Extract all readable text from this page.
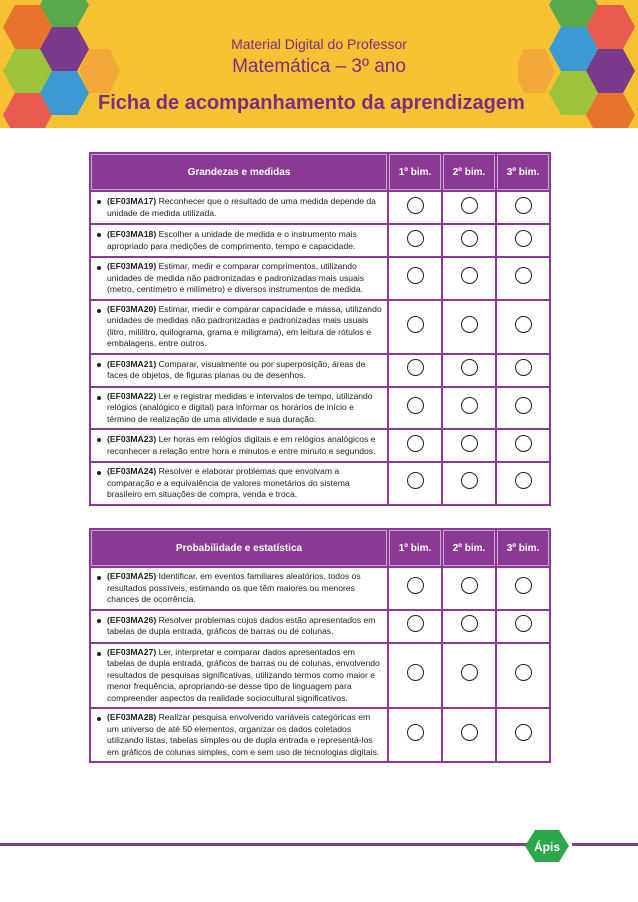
Material Digital do Professor
Matemática – 3º ano
Ficha de acompanhamento da aprendizagem
Grandezas e medidas	1º bim.	2º bim.	3º bim.
(EF03MA17) Reconhecer que o resultado de uma medida depende da unidade de medida utilizada.			
(EF03MA18) Escolher a unidade de medida e o instrumento mais apropriado para medições de comprimento, tempo e capacidade.			
(EF03MA19) Estimar, medir e comparar comprimentos, utilizando unidades de medida não padronizadas e padronizadas mais usuais (metro, centímetro e milímetro) e diversos instrumentos de medida.			
(EF03MA20) Estimar, medir e comparar capacidade e massa, utilizando unidades de medidas não padronizadas e padronizadas mais usuais (litro, mililitro, quilograma, grama e miligrama), em leitura de rótulos e embalagens, entre outros.			
(EF03MA21) Comparar, visualmente ou por superposição, áreas de faces de objetos, de figuras planas ou de desenhos.			
(EF03MA22) Ler e registrar medidas e intervalos de tempo, utilizando relógios (analógico e digital) para informar os horários de início e término de realização de uma atividade e sua duração.			
(EF03MA23) Ler horas em relógios digitais e em relógios analógicos e reconhecer a relação entre hora e minutos e entre minuto e segundos.			
(EF03MA24) Resolver e elaborar problemas que envolvam a comparação e a equivalência de valores monetários do sistema brasileiro em situações de compra, venda e troca.			
Probabilidade e estatística	1º bim.	2º bim.	3º bim.
(EF03MA25) Identificar, em eventos familiares aleatórios, todos os resultados possíveis, estimando os que têm maiores ou menores chances de ocorrência.			
(EF03MA26) Resolver problemas cujos dados estão apresentados em tabelas de dupla entrada, gráficos de barras ou de colunas.			
(EF03MA27) Ler, interpretar e comparar dados apresentados em tabelas de dupla entrada, gráficos de barras ou de colunas, envolvendo resultados de pesquisas significativas, utilizando termos como maior e menor frequência, apropriando-se desse tipo de linguagem para compreender aspectos da realidade sociocultural significativos.			
(EF03MA28) Realizar pesquisa envolvendo variáveis categóricas em um universo de até 50 elementos, organizar os dados coletados utilizando listas, tabelas simples ou de dupla entrada e representá-los em gráficos de colunas simples, com e sem uso de tecnologias digitais.			
Ápis
